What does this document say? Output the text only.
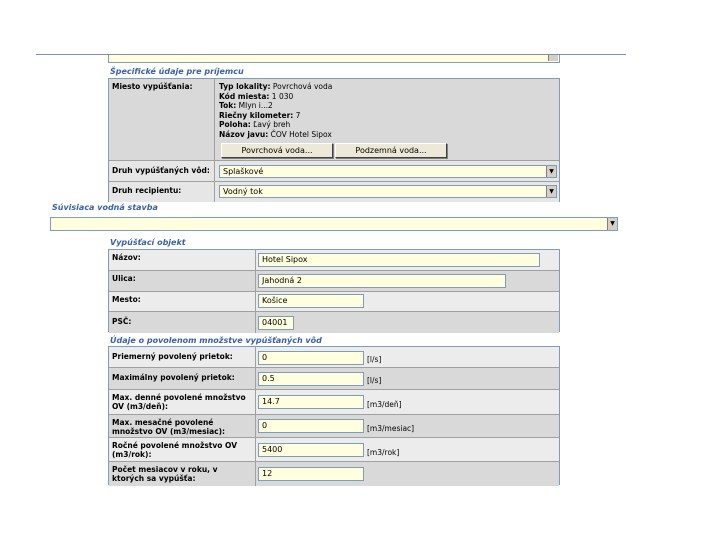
Špecifické údaje pre príjemcu
Miesto vypúšťania:	Typ lokality: Povrchová voda
Kód miesta: 1 030
Tok: Mlyn i...2
Riečny kilometer: 7
Poloha: Ľavý breh
Názov javu: ČOV Hotel Sipox
Povrchová voda...	Podzemná voda...
Druh vypúšťaných vôd:	Splaškové	▼
Druh recipientu:	Vodný tok	▼
Súvisiaca vodná stavba
▼
Vypúšťací objekt
Názov:	Hotel Sipox
Ulica:	Jahodná 2
Mesto:	Košice
PSČ:	04001
Údaje o povolenom množstve vypúšťaných vôd
Priemerný povolený prietok:	0	[l/s]
Maximálny povolený prietok:	0.5	[l/s]
Max. denné povolené množstvo OV (m3/deň):
14.7	[m3/deň]
Max. mesačné povolené množstvo OV (m3/mesiac):
0	[m3/mesiac]
Ročné povolené množstvo OV (m3/rok):
5400	[m3/rok]
Počet mesiacov v roku, v ktorých sa vypúšťa:
12
